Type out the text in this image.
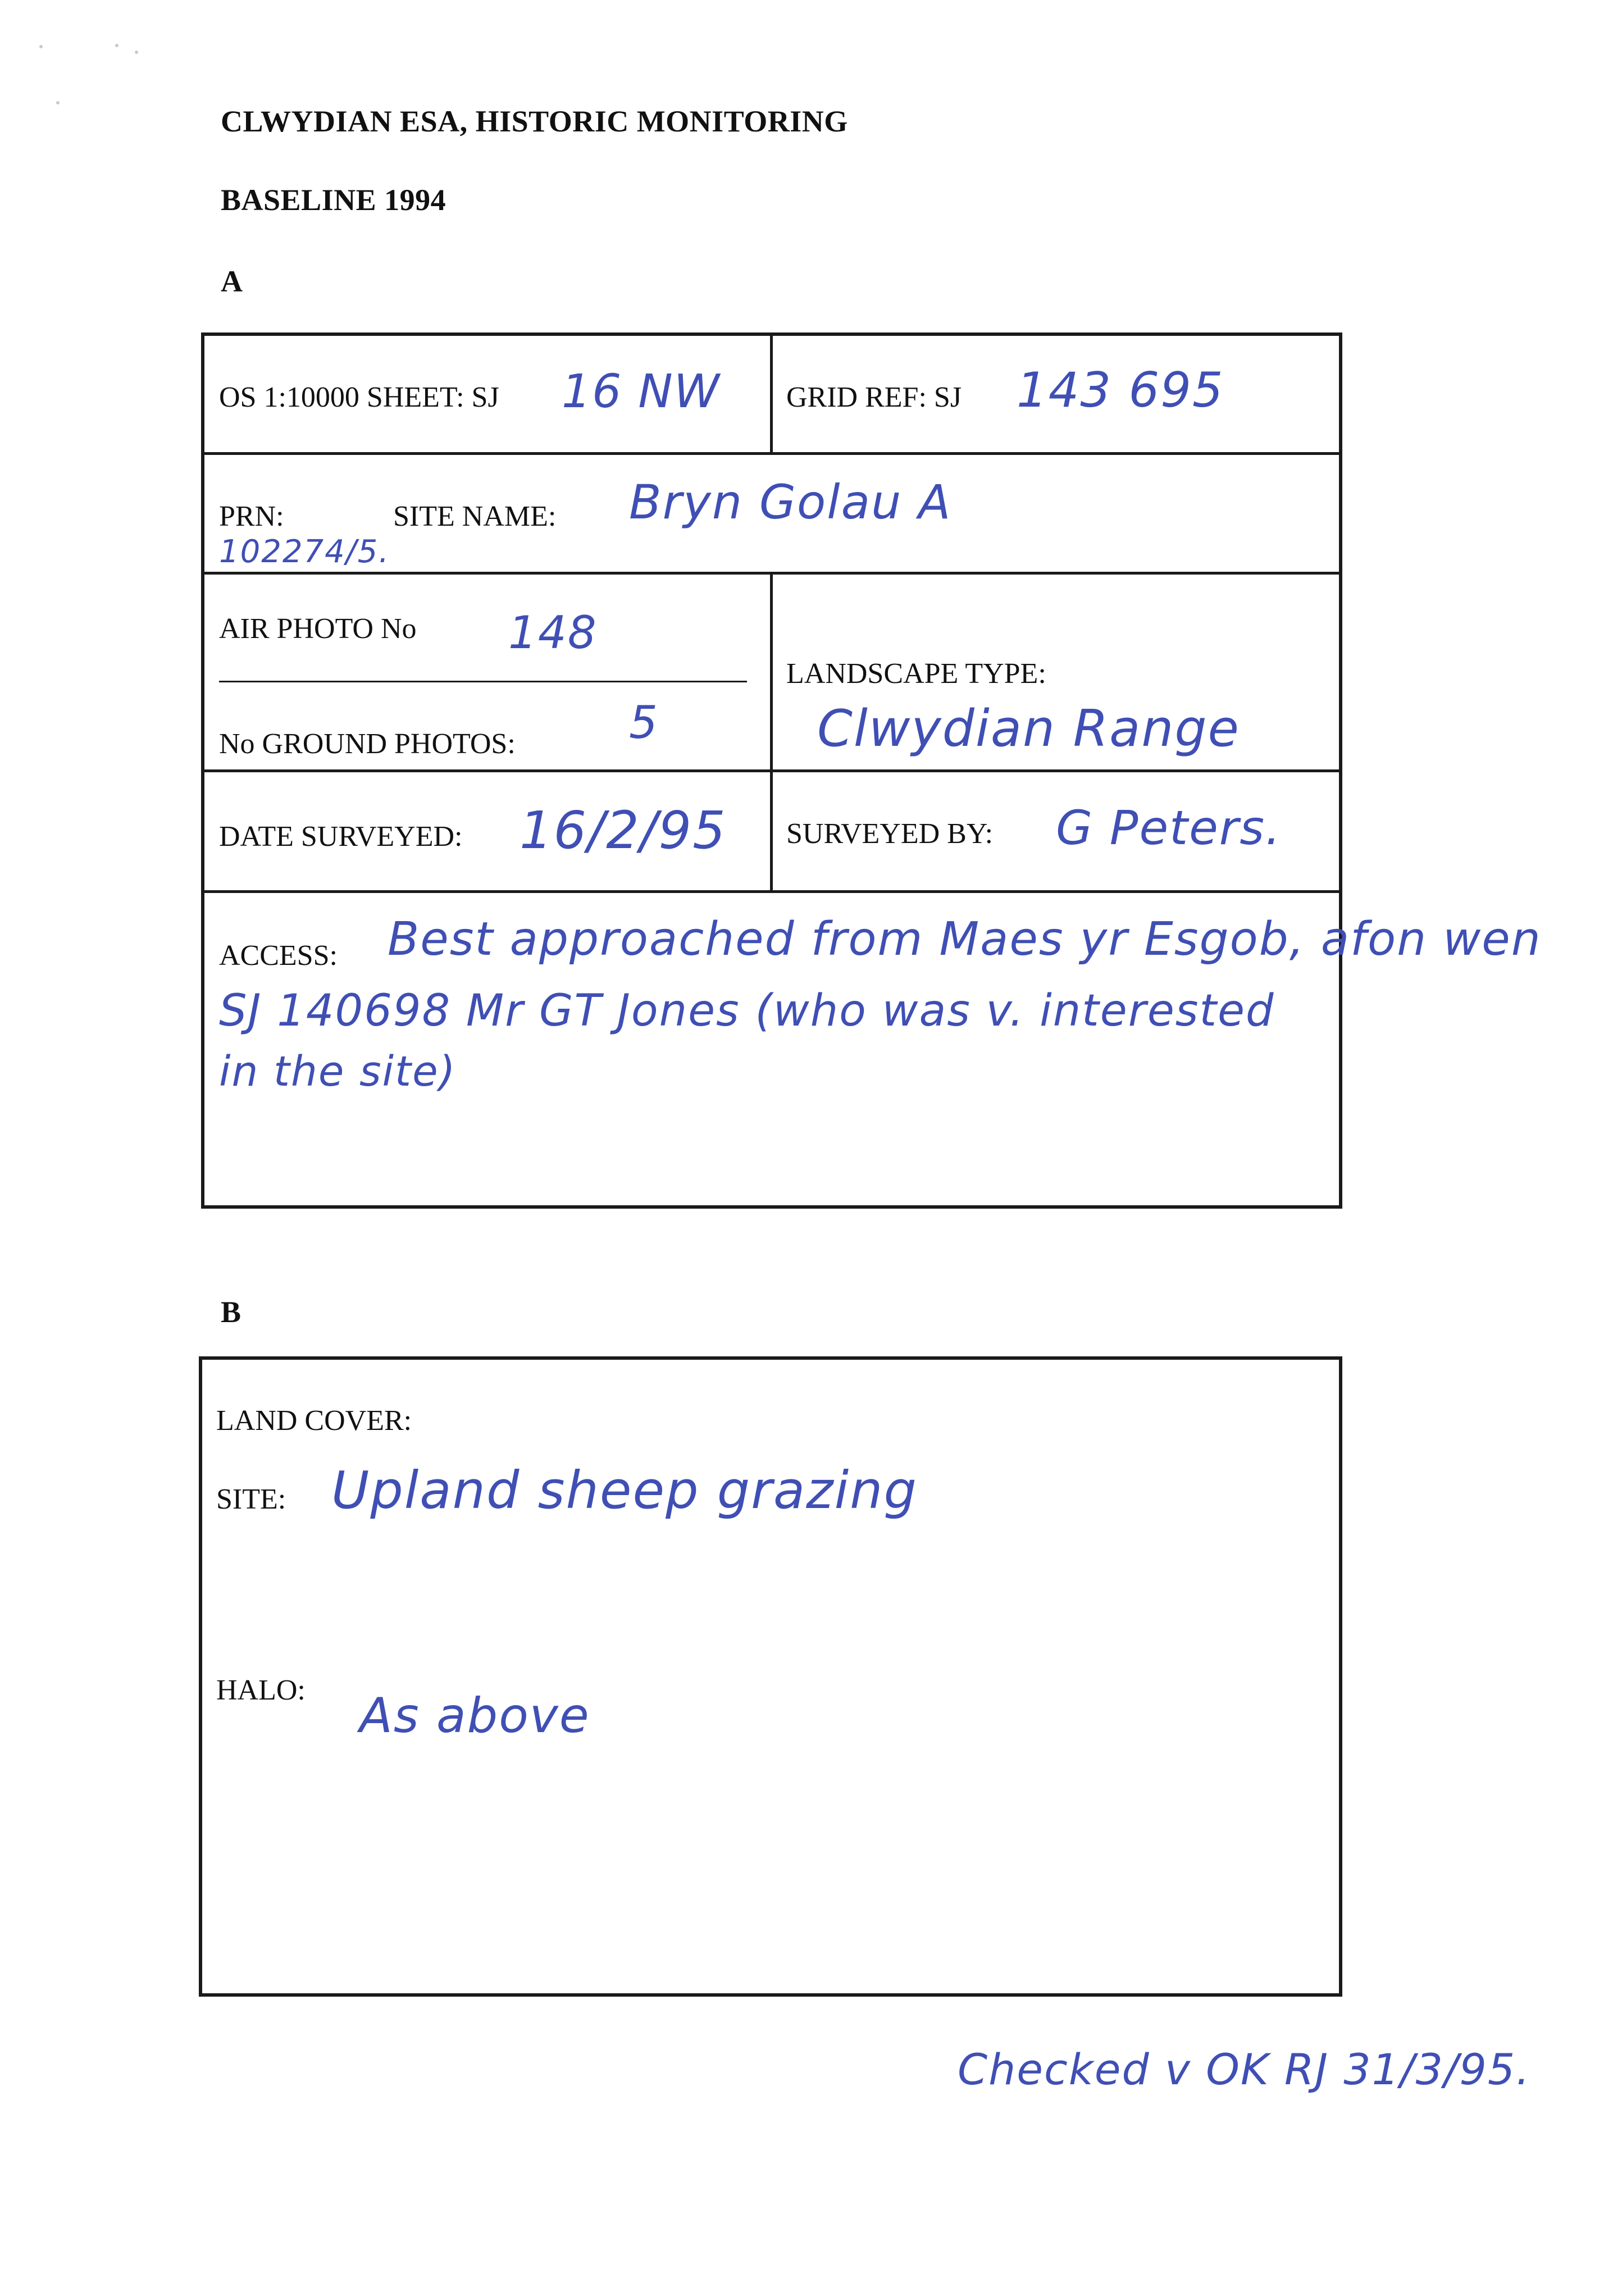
CLWYDIAN ESA, HISTORIC MONITORING
BASELINE 1994
A
OS 1:10000 SHEET: SJ 16 NW GRID REF: SJ 143 695
PRN:	SITE NAME: Bryn Golau A
102274/5.
AIR PHOTO No 148
No GROUND PHOTOS:	5
LANDSCAPE TYPE:
Clwydian Range
DATE SURVEYED: 16/2/95 SURVEYED BY: G Peters.
ACCESS: Best approached from Maes yr Esgob, afon wen
SJ 140698 Mr GT Jones (who was v. interested
in the site)
B
LAND COVER:
SITE: Upland sheep grazing
HALO: As above
Checked v OK RJ 31/3/95.
